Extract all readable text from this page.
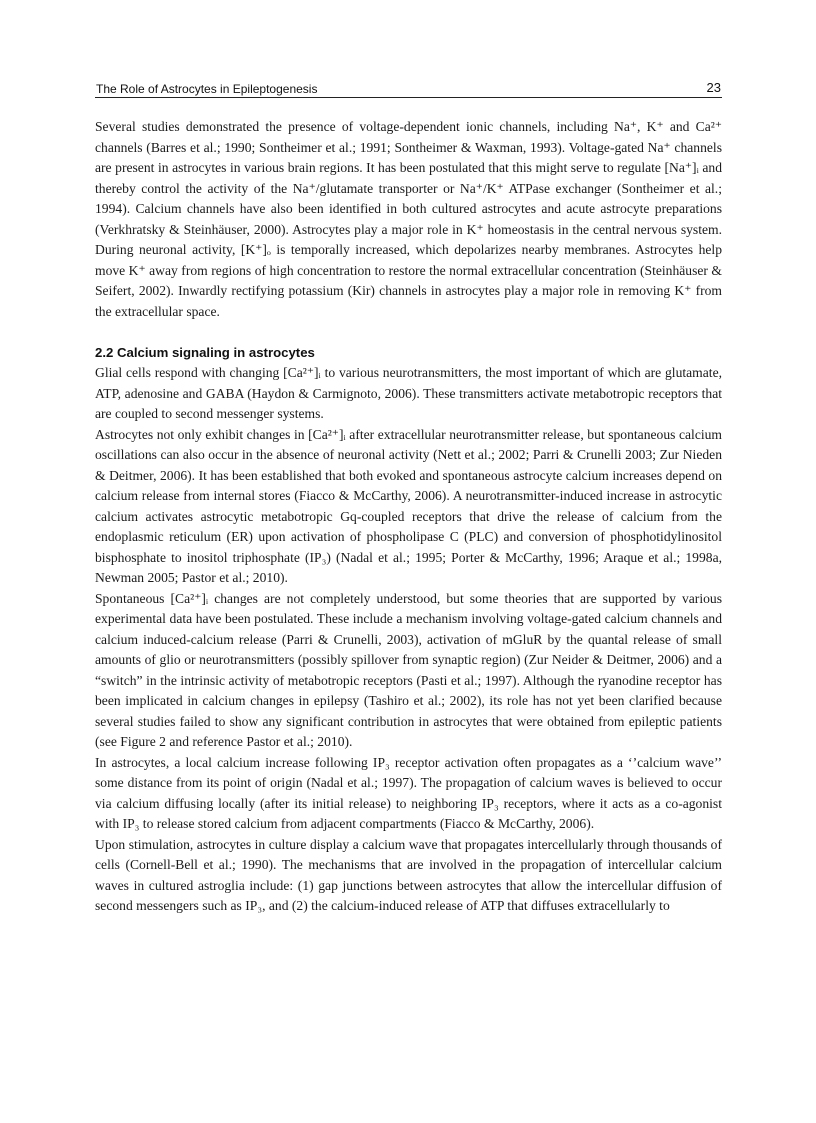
The Role of Astrocytes in Epileptogenesis	23

Several studies demonstrated the presence of voltage-dependent ionic channels, including Na⁺, K⁺ and Ca²⁺ channels (Barres et al.; 1990; Sontheimer et al.; 1991; Sontheimer & Waxman, 1993). Voltage-gated Na⁺ channels are present in astrocytes in various brain regions. It has been postulated that this might serve to regulate [Na⁺]ᵢ and thereby control the activity of the Na⁺/glutamate transporter or Na⁺/K⁺ ATPase exchanger (Sontheimer et al.; 1994). Calcium channels have also been identified in both cultured astrocytes and acute astrocyte preparations (Verkhratsky & Steinhäuser, 2000). Astrocytes play a major role in K⁺ homeostasis in the central nervous system. During neuronal activity, [K⁺]ₒ is temporally increased, which depolarizes nearby membranes. Astrocytes help move K⁺ away from regions of high concentration to restore the normal extracellular concentration (Steinhäuser & Seifert, 2002). Inwardly rectifying potassium (Kir) channels in astrocytes play a major role in removing K⁺ from the extracellular space.

2.2 Calcium signaling in astrocytes

Glial cells respond with changing [Ca²⁺]ᵢ to various neurotransmitters, the most important of which are glutamate, ATP, adenosine and GABA (Haydon & Carmignoto, 2006). These transmitters activate metabotropic receptors that are coupled to second messenger systems.

Astrocytes not only exhibit changes in [Ca²⁺]ᵢ after extracellular neurotransmitter release, but spontaneous calcium oscillations can also occur in the absence of neuronal activity (Nett et al.; 2002; Parri & Crunelli 2003; Zur Nieden & Deitmer, 2006). It has been established that both evoked and spontaneous astrocyte calcium increases depend on calcium release from internal stores (Fiacco & McCarthy, 2006). A neurotransmitter-induced increase in astrocytic calcium activates astrocytic metabotropic Gq-coupled receptors that drive the release of calcium from the endoplasmic reticulum (ER) upon activation of phospholipase C (PLC) and conversion of phosphotidylinositol bisphosphate to inositol triphosphate (IP₃) (Nadal et al.; 1995; Porter & McCarthy, 1996; Araque et al.; 1998a, Newman 2005; Pastor et al.; 2010).

Spontaneous [Ca²⁺]ᵢ changes are not completely understood, but some theories that are supported by various experimental data have been postulated. These include a mechanism involving voltage-gated calcium channels and calcium induced-calcium release (Parri & Crunelli, 2003), activation of mGluR by the quantal release of small amounts of glio or neurotransmitters (possibly spillover from synaptic region) (Zur Neider & Deitmer, 2006) and a “switch” in the intrinsic activity of metabotropic receptors (Pasti et al.; 1997). Although the ryanodine receptor has been implicated in calcium changes in epilepsy (Tashiro et al.; 2002), its role has not yet been clarified because several studies failed to show any significant contribution in astrocytes that were obtained from epileptic patients (see Figure 2 and reference Pastor et al.; 2010).

In astrocytes, a local calcium increase following IP₃ receptor activation often propagates as a ‘’calcium wave’’ some distance from its point of origin (Nadal et al.; 1997). The propagation of calcium waves is believed to occur via calcium diffusing locally (after its initial release) to neighboring IP₃ receptors, where it acts as a co-agonist with IP₃ to release stored calcium from adjacent compartments (Fiacco & McCarthy, 2006).

Upon stimulation, astrocytes in culture display a calcium wave that propagates intercellularly through thousands of cells (Cornell-Bell et al.; 1990). The mechanisms that are involved in the propagation of intercellular calcium waves in cultured astroglia include: (1) gap junctions between astrocytes that allow the intercellular diffusion of second messengers such as IP₃, and (2) the calcium-induced release of ATP that diffuses extracellularly to
